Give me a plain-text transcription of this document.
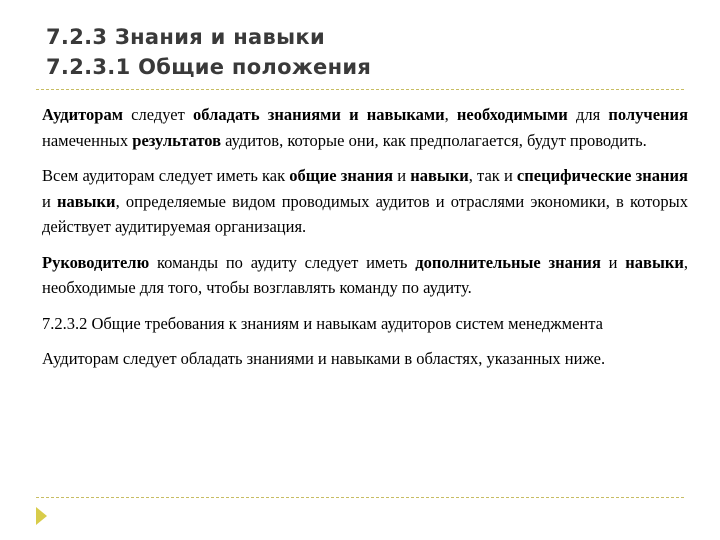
7.2.3 Знания и навыки
7.2.3.1 Общие положения

Аудиторам следует обладать знаниями и навыками, необходимыми для получения намеченных результатов аудитов, которые они, как предполагается, будут проводить.

Всем аудиторам следует иметь как общие знания и навыки, так и специфические знания и навыки, определяемые видом проводимых аудитов и отраслями экономики, в которых действует аудитируемая организация.

Руководителю команды по аудиту следует иметь дополнительные знания и навыки, необходимые для того, чтобы возглавлять команду по аудиту.

7.2.3.2 Общие требования к знаниям и навыкам аудиторов систем менеджмента

Аудиторам следует обладать знаниями и навыками в областях, указанных ниже.
